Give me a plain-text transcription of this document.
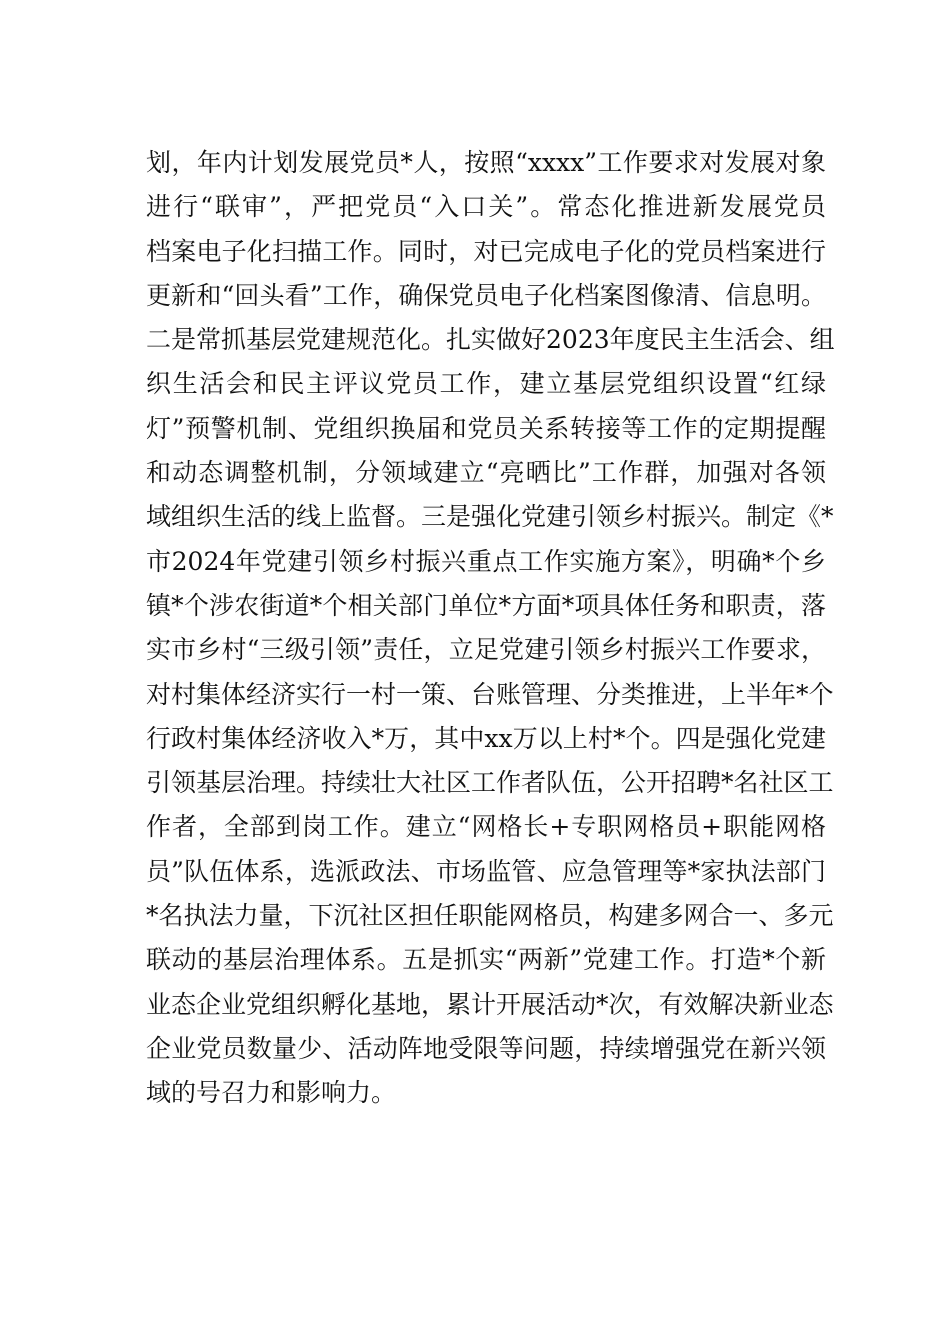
划，年内计划发展党员*人，按照“xxxx”工作要求对发展对象
进行“联审”，严把党员“入口关”。常态化推进新发展党员
档案电子化扫描工作。同时，对已完成电子化的党员档案进行
更新和“回头看”工作，确保党员电子化档案图像清、信息明。
二是常抓基层党建规范化。扎实做好2023年度民主生活会、组
织生活会和民主评议党员工作，建立基层党组织设置“红绿
灯”预警机制、党组织换届和党员关系转接等工作的定期提醒
和动态调整机制，分领域建立“亮晒比”工作群，加强对各领
域组织生活的线上监督。三是强化党建引领乡村振兴。制定《*
市2024年党建引领乡村振兴重点工作实施方案》，明确*个乡
镇*个涉农街道*个相关部门单位*方面*项具体任务和职责，落
实市乡村“三级引领”责任，立足党建引领乡村振兴工作要求，
对村集体经济实行一村一策、台账管理、分类推进，上半年*个
行政村集体经济收入*万，其中xx万以上村*个。四是强化党建
引领基层治理。持续壮大社区工作者队伍，公开招聘*名社区工
作者，全部到岗工作。建立“网格长+专职网格员+职能网格
员”队伍体系，选派政法、市场监管、应急管理等*家执法部门
*名执法力量，下沉社区担任职能网格员，构建多网合一、多元
联动的基层治理体系。五是抓实“两新”党建工作。打造*个新
业态企业党组织孵化基地，累计开展活动*次，有效解决新业态
企业党员数量少、活动阵地受限等问题，持续增强党在新兴领
域的号召力和影响力。
